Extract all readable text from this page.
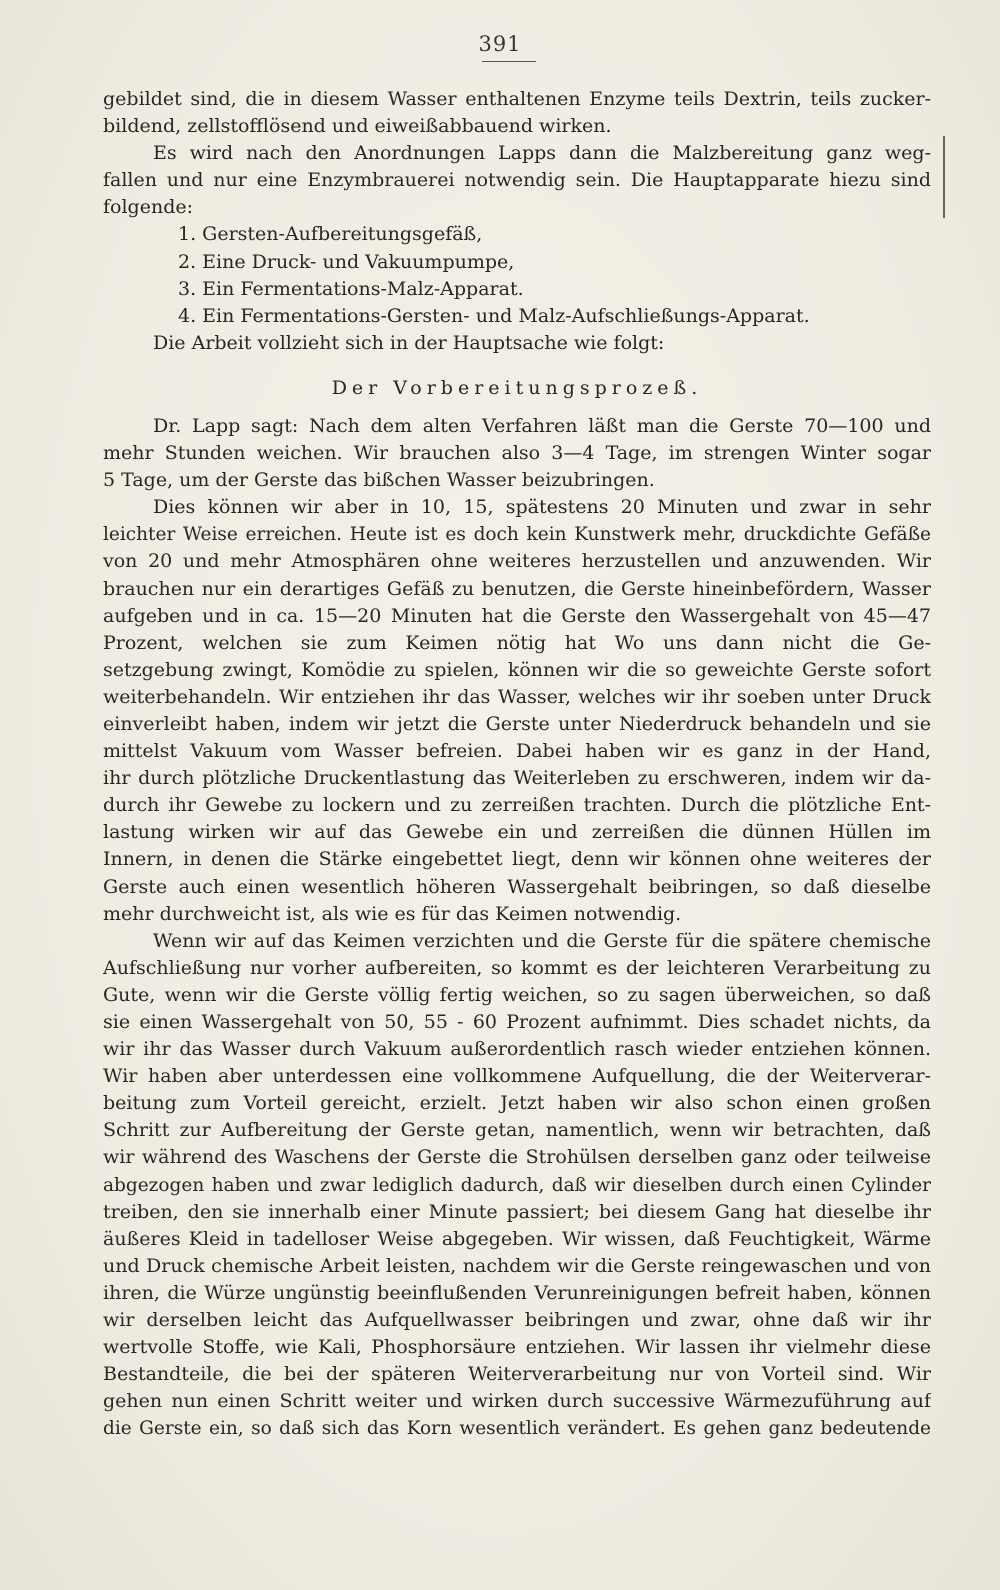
391
gebildet sind, die in diesem Wasser enthaltenen Enzyme teils Dextrin, teils zucker-
bildend, zellstofflösend und eiweißabbauend wirken.
Es wird nach den Anordnungen Lapps dann die Malzbereitung ganz weg-
fallen und nur eine Enzymbrauerei notwendig sein. Die Hauptapparate hiezu sind
folgende:
1. Gersten-Aufbereitungsgefäß,
2. Eine Druck- und Vakuumpumpe,
3. Ein Fermentations-Malz-Apparat.
4. Ein Fermentations-Gersten- und Malz-Aufschließungs-Apparat.
Die Arbeit vollzieht sich in der Hauptsache wie folgt:
Der Vorbereitungsprozeß.
Dr. Lapp sagt: Nach dem alten Verfahren läßt man die Gerste 70—100 und
mehr Stunden weichen. Wir brauchen also 3—4 Tage, im strengen Winter sogar
5 Tage, um der Gerste das bißchen Wasser beizubringen.
Dies können wir aber in 10, 15, spätestens 20 Minuten und zwar in sehr
leichter Weise erreichen. Heute ist es doch kein Kunstwerk mehr, druckdichte Gefäße
von 20 und mehr Atmosphären ohne weiteres herzustellen und anzuwenden. Wir
brauchen nur ein derartiges Gefäß zu benutzen, die Gerste hineinbefördern, Wasser
aufgeben und in ca. 15—20 Minuten hat die Gerste den Wassergehalt von 45—47
Prozent, welchen sie zum Keimen nötig hat Wo uns dann nicht die Ge-
setzgebung zwingt, Komödie zu spielen, können wir die so geweichte Gerste sofort
weiterbehandeln. Wir entziehen ihr das Wasser, welches wir ihr soeben unter Druck
einverleibt haben, indem wir jetzt die Gerste unter Niederdruck behandeln und sie
mittelst Vakuum vom Wasser befreien. Dabei haben wir es ganz in der Hand,
ihr durch plötzliche Druckentlastung das Weiterleben zu erschweren, indem wir da-
durch ihr Gewebe zu lockern und zu zerreißen trachten. Durch die plötzliche Ent-
lastung wirken wir auf das Gewebe ein und zerreißen die dünnen Hüllen im
Innern, in denen die Stärke eingebettet liegt, denn wir können ohne weiteres der
Gerste auch einen wesentlich höheren Wassergehalt beibringen, so daß dieselbe
mehr durchweicht ist, als wie es für das Keimen notwendig.
Wenn wir auf das Keimen verzichten und die Gerste für die spätere chemische
Aufschließung nur vorher aufbereiten, so kommt es der leichteren Verarbeitung zu
Gute, wenn wir die Gerste völlig fertig weichen, so zu sagen überweichen, so daß
sie einen Wassergehalt von 50, 55 - 60 Prozent aufnimmt. Dies schadet nichts, da
wir ihr das Wasser durch Vakuum außerordentlich rasch wieder entziehen können.
Wir haben aber unterdessen eine vollkommene Aufquellung, die der Weiterverar-
beitung zum Vorteil gereicht, erzielt. Jetzt haben wir also schon einen großen
Schritt zur Aufbereitung der Gerste getan, namentlich, wenn wir betrachten, daß
wir während des Waschens der Gerste die Strohülsen derselben ganz oder teilweise
abgezogen haben und zwar lediglich dadurch, daß wir dieselben durch einen Cylinder
treiben, den sie innerhalb einer Minute passiert; bei diesem Gang hat dieselbe ihr
äußeres Kleid in tadelloser Weise abgegeben. Wir wissen, daß Feuchtigkeit, Wärme
und Druck chemische Arbeit leisten, nachdem wir die Gerste reingewaschen und von
ihren, die Würze ungünstig beeinflußenden Verunreinigungen befreit haben, können
wir derselben leicht das Aufquellwasser beibringen und zwar, ohne daß wir ihr
wertvolle Stoffe, wie Kali, Phosphorsäure entziehen. Wir lassen ihr vielmehr diese
Bestandteile, die bei der späteren Weiterverarbeitung nur von Vorteil sind. Wir
gehen nun einen Schritt weiter und wirken durch successive Wärmezuführung auf
die Gerste ein, so daß sich das Korn wesentlich verändert. Es gehen ganz bedeutende
